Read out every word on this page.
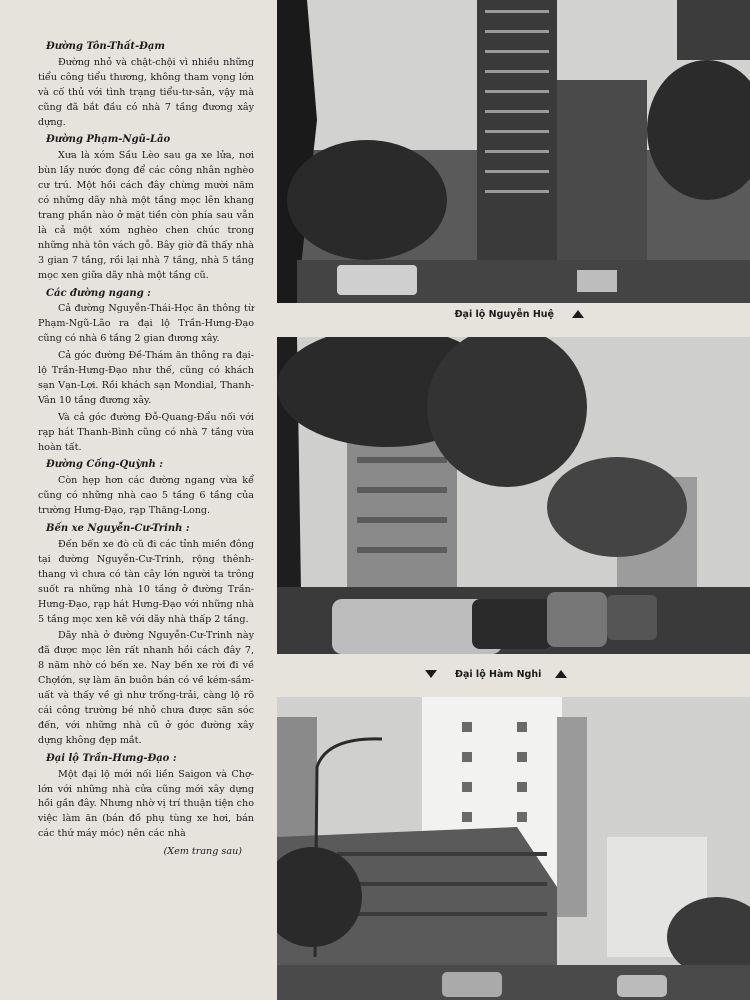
Đường Tôn-Thất-Đạm

Đường nhỏ và chật-chội vì nhiều những tiểu công tiểu thương, không tham vọng lớn và cố thủ với tình trạng tiểu-tư-sản, vậy mà cũng đã bắt đầu có nhà 7 tầng đương xây dựng.

Đường Phạm-Ngũ-Lão

Xưa là xóm Sầu Lèo sau ga xe lửa, nơi bùn lầy nước đọng để các công nhân nghèo cư trú. Một hồi cách đây chừng mười năm có những dãy nhà một tầng mọc lên khang trang phần nào ở mặt tiền còn phía sau vẫn là cả một xóm nghèo chen chúc trong những nhà tôn vách gỗ. Bây giờ đã thấy nhà 3 gian 7 tầng, rồi lại nhà 7 tầng, nhà 5 tầng mọc xen giữa dãy nhà một tầng cũ.

Các đường ngang :

Cả đường Nguyễn-Thái-Học ăn thông từ Phạm-Ngũ-Lão ra đại lộ Trần-Hưng-Đạo cũng có nhà 6 tầng 2 gian đương xây.

Cả góc đường Đề-Thám ăn thông ra đại-lộ Trần-Hưng-Đạo như thế, cũng có khách sạn Vạn-Lợi. Rồi khách sạn Mondial, Thanh-Vân 10 tầng đương xây.

Và cả góc đường Đỗ-Quang-Đẩu nối với rạp hát Thanh-Bình cũng có nhà 7 tầng vừa hoàn tất.

Đường Cống-Quỳnh :

Còn hẹp hơn các đường ngang vừa kể cũng có những nhà cao 5 tầng 6 tầng của trường Hưng-Đạo, rạp Thăng-Long.

Bến xe Nguyễn-Cư-Trinh :

Đến bến xe đò cũ đi các tỉnh miền đông tại đường Nguyễn-Cư-Trinh, rộng thênh-thang vì chưa có tàn cây lớn người ta trông suốt ra những nhà 10 tầng ở đường Trần-Hưng-Đạo, rạp hát Hưng-Đạo với những nhà 5 tầng mọc xen kẽ với dãy nhà thấp 2 tầng.

Dãy nhà ở đường Nguyễn-Cư-Trinh này đã được mọc lên rất nhanh hồi cách đây 7, 8 năm nhờ có bến xe. Nay bến xe rời đi về Chợlớn, sự làm ăn buôn bán có về kém-sầm-uất và thấy về gì như trống-trải, càng lộ rõ cái công trường bé nhỏ chưa được săn sóc đến, với những nhà cũ ở góc đường xây dựng không đẹp mắt.

Đại lộ Trần-Hưng-Đạo :

Một đại lộ mới nối liền Saigon và Chợ-lớn với những nhà cửa cũng mới xây dựng hồi gần đây. Nhưng nhờ vị trí thuận tiện cho việc làm ăn (bán đồ phụ tùng xe hơi, bán các thứ máy móc) nên các nhà

(Xem trang sau)

Đại lộ Nguyễn Huệ
Đại lộ Hàm Nghi
